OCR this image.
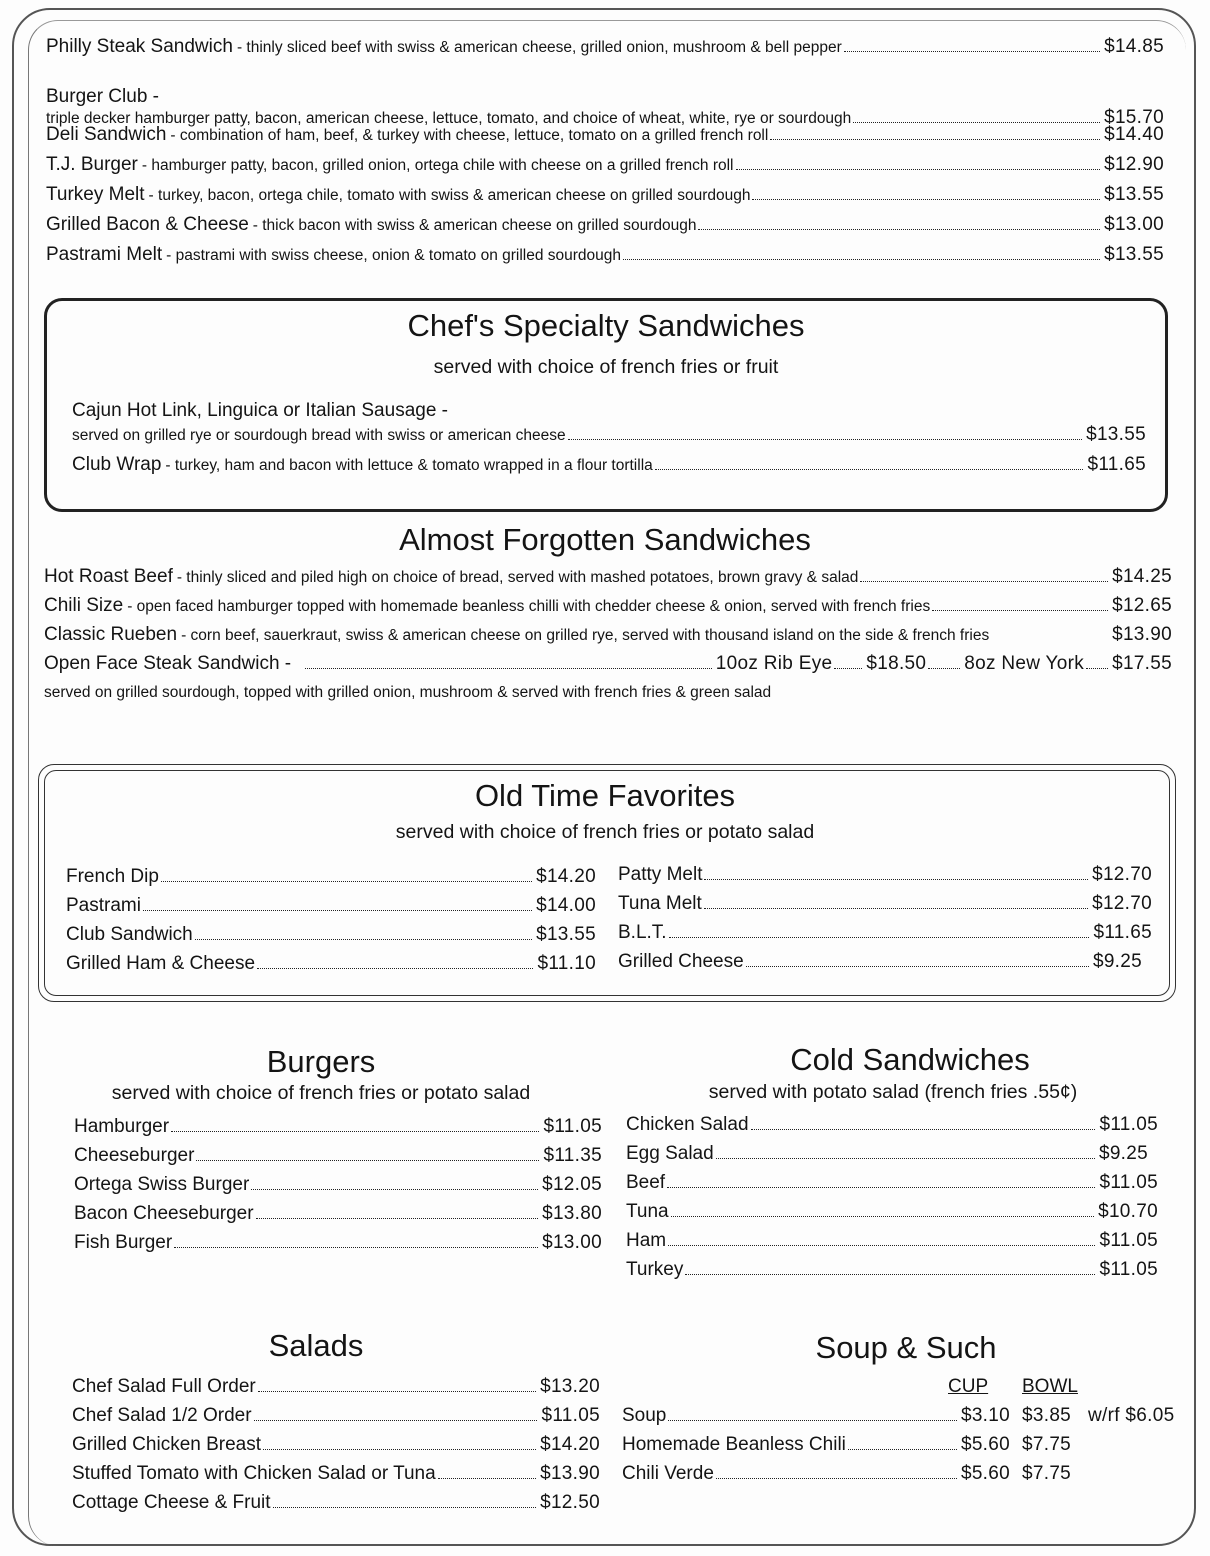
Philly Steak Sandwich - thinly sliced beef with swiss & american cheese, grilled onion, mushroom & bell pepper	$14.85
Burger Club -
triple decker hamburger patty, bacon, american cheese, lettuce, tomato, and choice of wheat, white, rye or sourdough	$15.70
Deli Sandwich - combination of ham, beef, & turkey with cheese, lettuce, tomato on a grilled french roll	$14.40
T.J. Burger - hamburger patty, bacon, grilled onion, ortega chile with cheese on a grilled french roll	$12.90
Turkey Melt - turkey, bacon, ortega chile, tomato with swiss & american cheese on grilled sourdough	$13.55
Grilled Bacon & Cheese - thick bacon with swiss & american cheese on grilled sourdough	$13.00
Pastrami Melt - pastrami with swiss cheese, onion & tomato on grilled sourdough	$13.55
Chef's Specialty Sandwiches
served with choice of french fries or fruit
Cajun Hot Link, Linguica or Italian Sausage -
served on grilled rye or sourdough bread with swiss or american cheese	$13.55
Club Wrap - turkey, ham and bacon with lettuce & tomato wrapped in a flour tortilla	$11.65
Almost Forgotten Sandwiches
Hot Roast Beef - thinly sliced and piled high on choice of bread, served with mashed potatoes, brown gravy & salad	$14.25
Chili Size - open faced hamburger topped with homemade beanless chilli with chedder cheese & onion, served with french fries	$12.65
Classic Rueben - corn beef, sauerkraut, swiss & american cheese on grilled rye, served with thousand island on the side & french fries	$13.90
Open Face Steak Sandwich -	10oz Rib Eye $18.50 8oz New York $17.55
served on grilled sourdough, topped with grilled onion, mushroom & served with french fries & green salad
Old Time Favorites
served with choice of french fries or potato salad
French Dip	$14.20
Pastrami	$14.00
Club Sandwich	$13.55
Grilled Ham & Cheese	$11.10
Patty Melt	$12.70
Tuna Melt	$12.70
B.L.T.	$11.65
Grilled Cheese	$9.25
Burgers
served with choice of french fries or potato salad
Hamburger	$11.05
Cheeseburger	$11.35
Ortega Swiss Burger	$12.05
Bacon Cheeseburger	$13.80
Fish Burger	$13.00
Cold Sandwiches
served with potato salad (french fries .55¢)
Chicken Salad	$11.05
Egg Salad	$9.25
Beef	$11.05
Tuna	$10.70
Ham	$11.05
Turkey	$11.05
Salads
Chef Salad Full Order	$13.20
Chef Salad 1/2 Order	$11.05
Grilled Chicken Breast	$14.20
Stuffed Tomato with Chicken Salad or Tuna	$13.90
Cottage Cheese & Fruit	$12.50
Soup & Such
CUP BOWL
Soup	$3.10 $3.85 w/rf $6.05
Homemade Beanless Chili	$5.60 $7.75
Chili Verde	$5.60 $7.75
